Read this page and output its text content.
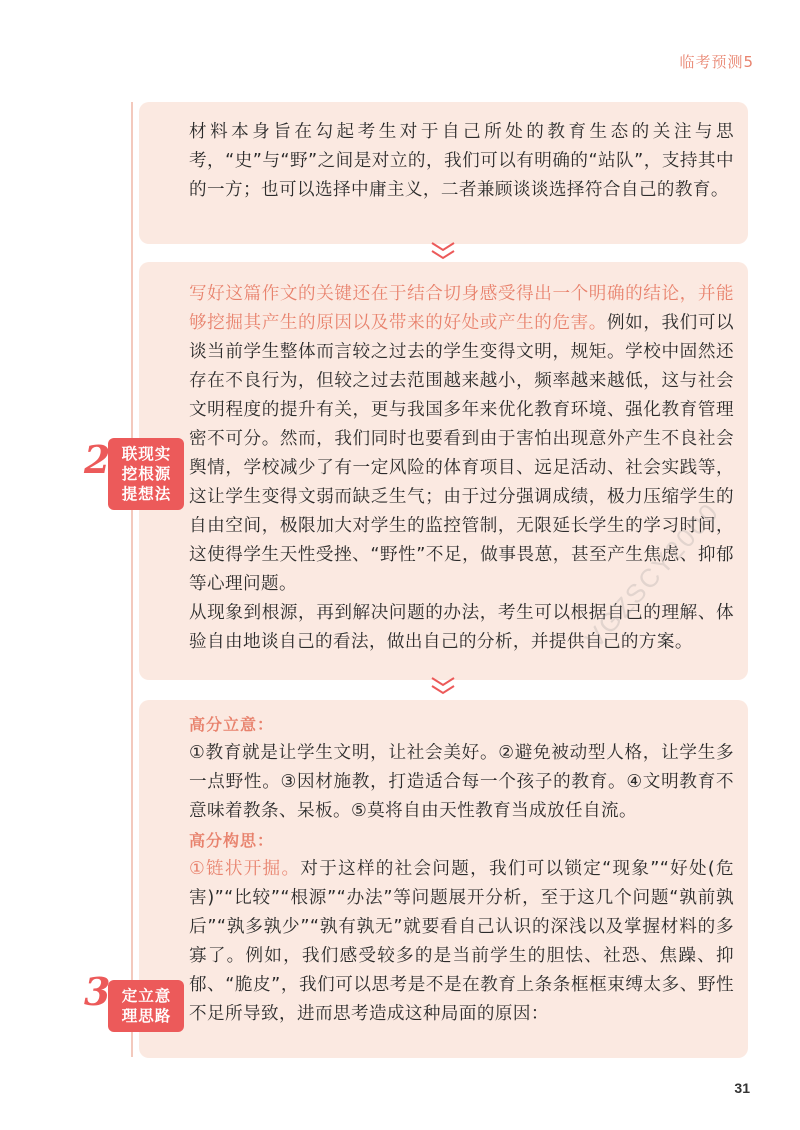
临考预测5

材料本身旨在勾起考生对于自己所处的教育生态的关注与思考，“史”与“野”之间是对立的，我们可以有明确的“站队”，支持其中的一方；也可以选择中庸主义，二者兼顾谈谈选择符合自己的教育。

写好这篇作文的关键还在于结合切身感受得出一个明确的结论，并能够挖掘其产生的原因以及带来的好处或产生的危害。例如，我们可以谈当前学生整体而言较之过去的学生变得文明，规矩。学校中固然还存在不良行为，但较之过去范围越来越小，频率越来越低，这与社会文明程度的提升有关，更与我国多年来优化教育环境、强化教育管理密不可分。然而，我们同时也要看到由于害怕出现意外产生不良社会舆情，学校减少了有一定风险的体育项目、远足活动、社会实践等，这让学生变得文弱而缺乏生气；由于过分强调成绩，极力压缩学生的自由空间，极限加大对学生的监控管制，无限延长学生的学习时间，这使得学生天性受挫、“野性”不足，做事畏葸，甚至产生焦虑、抑郁等心理问题。

从现象到根源，再到解决问题的办法，考生可以根据自己的理解、体验自由地谈自己的看法，做出自己的分析，并提供自己的方案。

高分立意：

①教育就是让学生文明，让社会美好。②避免被动型人格，让学生多一点野性。③因材施教，打造适合每一个孩子的教育。④文明教育不意味着教条、呆板。⑤莫将自由天性教育当成放任自流。

高分构思：

①链状开掘。对于这样的社会问题，我们可以锁定“现象”“好处(危害)”“比较”“根源”“办法”等问题展开分析，至于这几个问题“孰前孰后”“孰多孰少”“孰有孰无”就要看自己认识的深浅以及掌握材料的多寡了。例如，我们感受较多的是当前学生的胆怯、社恐、焦躁、抑郁、“脆皮”，我们可以思考是不是在教育上条条框框束缚太多、野性不足所导致，进而思考造成这种局面的原因：

2 联现实挖根源提想法
3 定立意理思路
VGZSCY2000
31
